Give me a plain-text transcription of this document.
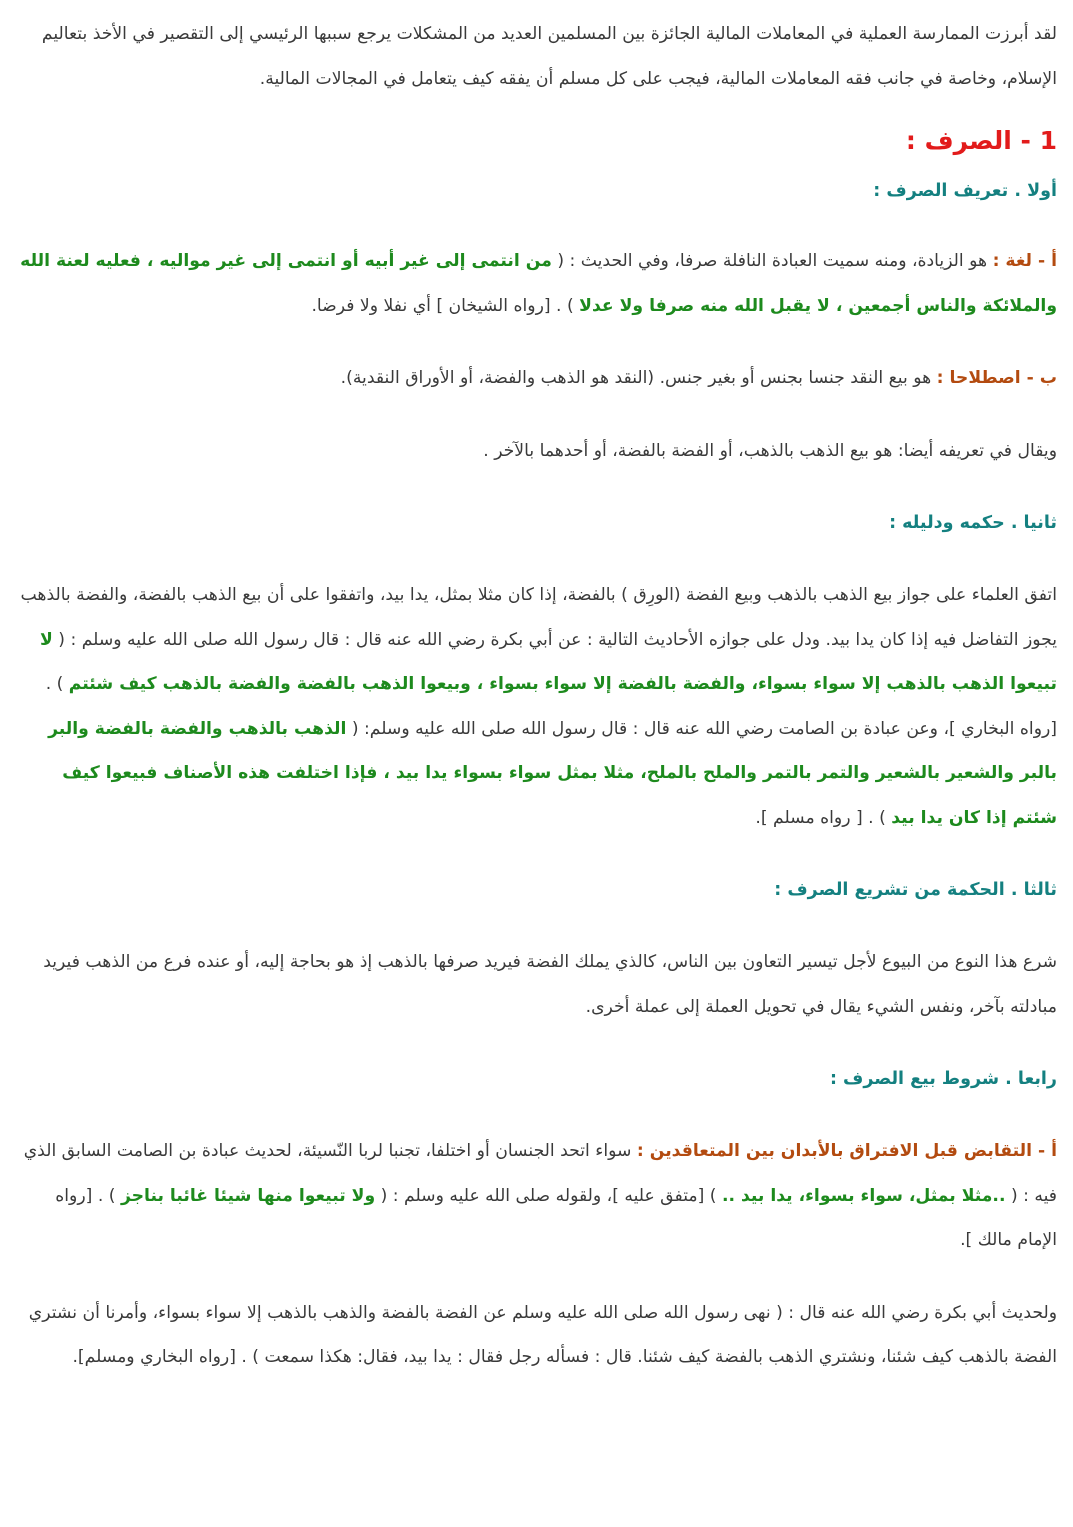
لقد أبرزت الممارسة العملية في المعاملات المالية الجائزة بين المسلمين العديد من المشكلات يرجع سببها الرئيسي إلى التقصير في الأخذ بتعاليم الإسلام، وخاصة في جانب فقه المعاملات المالية، فيجب على كل مسلم أن يفقه كيف يتعامل في المجالات المالية.

1 - الصرف :
أولا . تعريف الصرف :

أ - لغة : هو الزيادة، ومنه سميت العبادة النافلة صرفا، وفي الحديث : ( من انتمى إلى غير أبيه أو انتمى إلى غير مواليه ، فعليه لعنة الله والملائكة والناس أجمعين ، لا يقبل الله منه صرفا ولا عدلا ) . [رواه الشيخان ] أي نفلا ولا فرضا.

ب - اصطلاحا : هو بيع النقد جنسا بجنس أو بغير جنس. (النقد هو الذهب والفضة، أو الأوراق النقدية).

ويقال في تعريفه أيضا: هو بيع الذهب بالذهب، أو الفضة بالفضة، أو أحدهما بالآخر .

ثانيا . حكمه ودليله :

اتفق العلماء على جواز بيع الذهب بالذهب وبيع الفضة (الورِق ) بالفضة، إذا كان مثلا بمثل، يدا بيد، واتفقوا على أن بيع الذهب بالفضة، والفضة بالذهب يجوز التفاضل فيه إذا كان يدا بيد. ودل على جوازه الأحاديث التالية : عن أبي بكرة رضي الله عنه قال : قال رسول الله صلى الله عليه وسلم : ( لا تبيعوا الذهب بالذهب إلا سواء بسواء، والفضة بالفضة إلا سواء بسواء ، وبيعوا الذهب بالفضة والفضة بالذهب كيف شئتم ) . [رواه البخاري ]، وعن عبادة بن الصامت رضي الله عنه قال : قال رسول الله صلى الله عليه وسلم: ( الذهب بالذهب والفضة بالفضة والبر بالبر والشعير بالشعير والتمر بالتمر والملح بالملح، مثلا بمثل سواء بسواء يدا بيد ، فإذا اختلفت هذه الأصناف فبيعوا كيف شئتم إذا كان يدا بيد ) . [ رواه مسلم ].

ثالثا . الحكمة من تشريع الصرف :

شرع هذا النوع من البيوع لأجل تيسير التعاون بين الناس، كالذي يملك الفضة فيريد صرفها بالذهب إذ هو بحاجة إليه، أو عنده فرع من الذهب فيريد مبادلته بآخر، ونفس الشيء يقال في تحويل العملة إلى عملة أخرى.

رابعا . شروط بيع الصرف :

أ - التقابض قبل الافتراق بالأبدان بين المتعاقدين : سواء اتحد الجنسان أو اختلفا، تجنبا لربا النّسيئة، لحديث عبادة بن الصامت السابق الذي فيه : ( ..مثلا بمثل، سواء بسواء، يدا بيد .. ) [متفق عليه ]، ولقوله صلى الله عليه وسلم : ( ولا تبيعوا منها شيئا غائبا بناجز ) . [رواه الإمام مالك ].

ولحديث أبي بكرة رضي الله عنه قال : ( نهى رسول الله صلى الله عليه وسلم عن الفضة بالفضة والذهب بالذهب إلا سواء بسواء، وأمرنا أن نشتري الفضة بالذهب كيف شئنا، ونشتري الذهب بالفضة كيف شئنا. قال : فسأله رجل فقال : يدا بيد، فقال: هكذا سمعت ) . [رواه البخاري ومسلم].
